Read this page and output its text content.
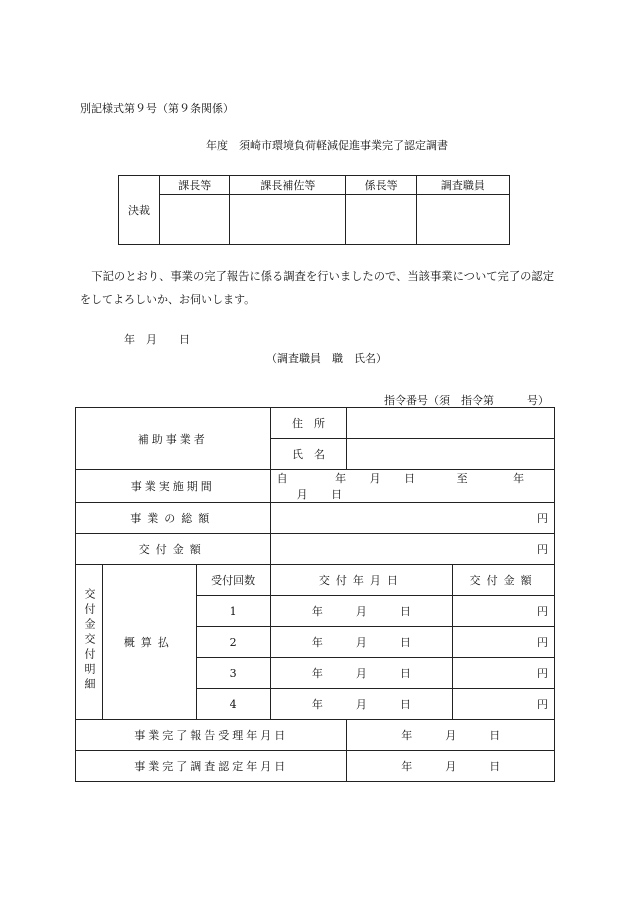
別記様式第９号（第９条関係）
年度　須崎市環境負荷軽減促進事業完了認定調書
決裁	課長等	課長補佐等	係長等	調査職員

　下記のとおり、事業の完了報告に係る調査を行いましたので、当該事業について完了の認定
をしてよろしいか、お伺いします。
年　月　　日
（調査職員　職　氏名）
指令番号（須　指令第　　　号）
補助事業者			住　所		
			氏　名		
事業実施期間			自 年 月 日 至 年 月 日		
事業の総額			円		
交付金額			円		
交付金交付明細	概算払	受付回数	交付年月日		交付金額
		1	年　　　 月　　　 日		円
		2	年　　　 月　　　 日		円
		3	年　　　 月　　　 日		円
		4	年　　　 月　　　 日		円
事業完了報告受理年月日				年　　　 月　　　 日	
事業完了調査認定年月日				年　　　 月　　　 日	
